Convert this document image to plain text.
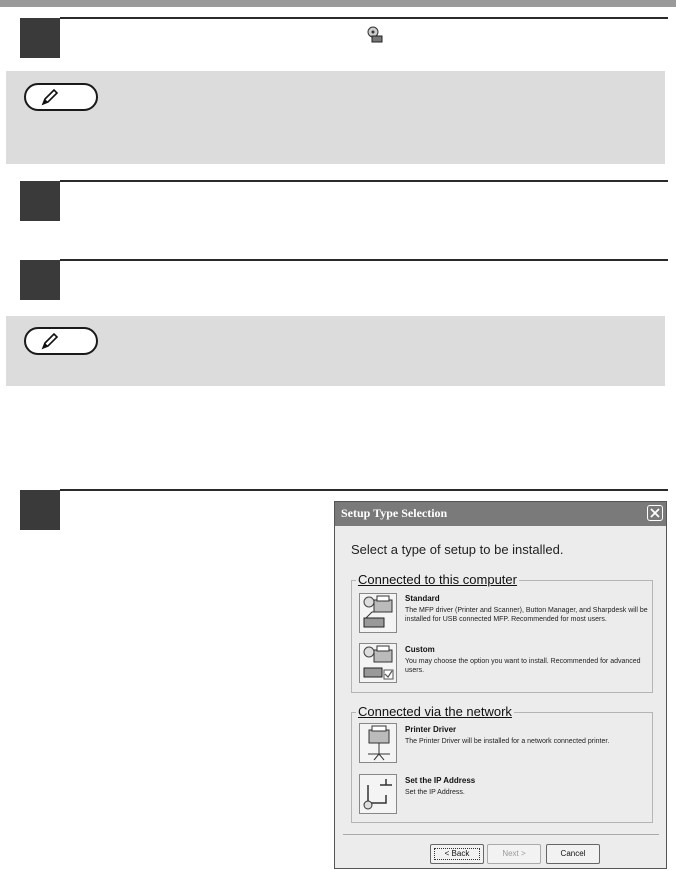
Setup Type Selection
Select a type of setup to be installed.
Connected to this computer
Standard
The MFP driver (Printer and Scanner), Button Manager, and Sharpdesk will be installed for USB connected MFP. Recommended for most users.
Custom
You may choose the option you want to install. Recommended for advanced users.
Connected via the network
Printer Driver
The Printer Driver will be installed for a network connected printer.
Set the IP Address
Set the IP Address.
< Back	Next >	Cancel
